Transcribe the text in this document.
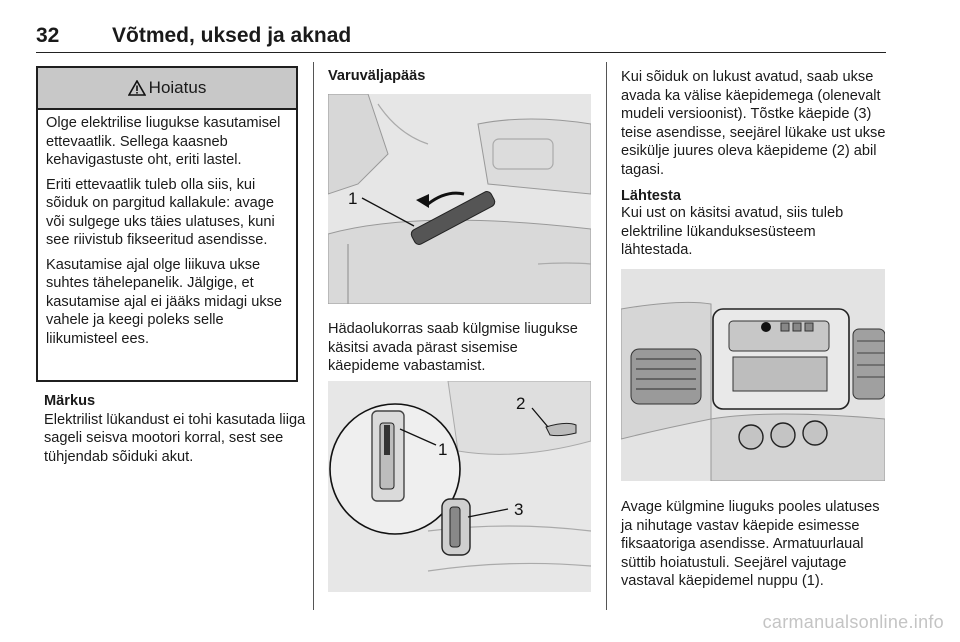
32	Võtmed, uksed ja aknad
Hoiatus

Olge elektrilise liugukse kasutamisel ettevaatlik. Sellega kaasneb kehavigastuste oht, eriti lastel.

Eriti ettevaatlik tuleb olla siis, kui sõiduk on pargitud kallakule: avage või sulgege uks täies ulatuses, kuni see riivistub fikseeritud asendisse.

Kasutamise ajal olge liikuva ukse suhtes tähelepanelik. Jälgige, et kasutamise ajal ei jääks midagi ukse vahele ja keegi poleks selle liikumisteel ees.

Märkus

Elektrilist lükandust ei tohi kasutada liiga sageli seisva mootori korral, sest see tühjendab sõiduki akut.

Varuväljapääs
1

Hädaolukorras saab külgmise liugukse käsitsi avada pärast sisemise käepideme vabastamist.

1
2
3

Kui sõiduk on lukust avatud, saab ukse avada ka välise käepidemega (olenevalt mudeli versioonist). Tõstke käepide (3) teise asendisse, seejärel lükake ust ukse esikülje juures oleva käepideme (2) abil tagasi.

Lähtesta

Kui ust on käsitsi avatud, siis tuleb elektriline lükanduksesüsteem lähtestada.

Avage külgmine liuguks pooles ulatuses ja nihutage vastav käepide esimesse fiksaatoriga asendisse. Armatuurlaual süttib hoiatustuli. Seejärel vajutage vastaval käepidemel nuppu (1).

carmanualsonline.info
